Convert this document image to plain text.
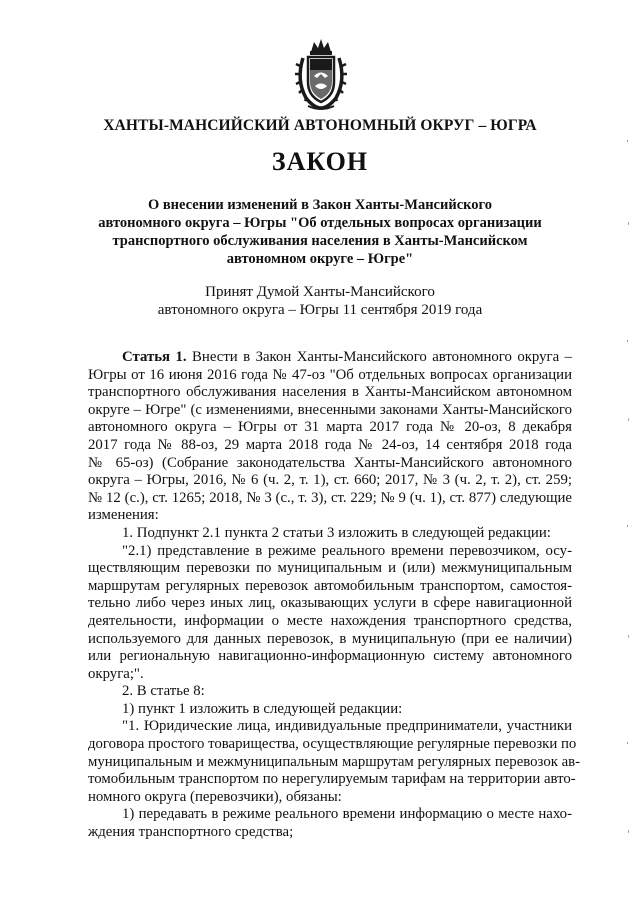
ХАНТЫ-МАНСИЙСКИЙ АВТОНОМНЫЙ ОКРУГ – ЮГРА
ЗАКОН
О внесении изменений в Закон Ханты-Мансийского
автономного округа – Югры "Об отдельных вопросах организации
транспортного обслуживания населения в Ханты-Мансийском
автономном округе – Югре"
Принят Думой Ханты-Мансийского
автономного округа – Югры 11 сентября 2019 года
Статья 1. Внести в Закон Ханты-Мансийского автономного округа –
Югры от 16 июня 2016 года № 47-оз "Об отдельных вопросах организации
транспортного обслуживания населения в Ханты-Мансийском автономном
округе – Югре" (с изменениями, внесенными законами Ханты-Мансийского
автономного округа – Югры от 31 марта 2017 года № 20-оз, 8 декабря
2017 года № 88-оз, 29 марта 2018 года № 24-оз, 14 сентября 2018 года
№ 65-оз) (Собрание законодательства Ханты-Мансийского автономного
округа – Югры, 2016, № 6 (ч. 2, т. 1), ст. 660; 2017, № 3 (ч. 2, т. 2), ст. 259;
№ 12 (с.), ст. 1265; 2018, № 3 (с., т. 3), ст. 229; № 9 (ч. 1), ст. 877) следующие
изменения:
1. Подпункт 2.1 пункта 2 статьи 3 изложить в следующей редакции:
"2.1) представление в режиме реального времени перевозчиком, осу-
ществляющим перевозки по муниципальным и (или) межмуниципальным
маршрутам регулярных перевозок автомобильным транспортом, самостоя-
тельно либо через иных лиц, оказывающих услуги в сфере навигационной
деятельности, информации о месте нахождения транспортного средства,
используемого для данных перевозок, в муниципальную (при ее наличии)
или региональную навигационно-информационную систему автономного
округа;".
2. В статье 8:
1) пункт 1 изложить в следующей редакции:
"1. Юридические лица, индивидуальные предприниматели, участники
договора простого товарищества, осуществляющие регулярные перевозки по
муниципальным и межмуниципальным маршрутам регулярных перевозок ав-
томобильным транспортом по нерегулируемым тарифам на территории авто-
номного округа (перевозчики), обязаны:
1) передавать в режиме реального времени информацию о месте нахо-
ждения транспортного средства;
